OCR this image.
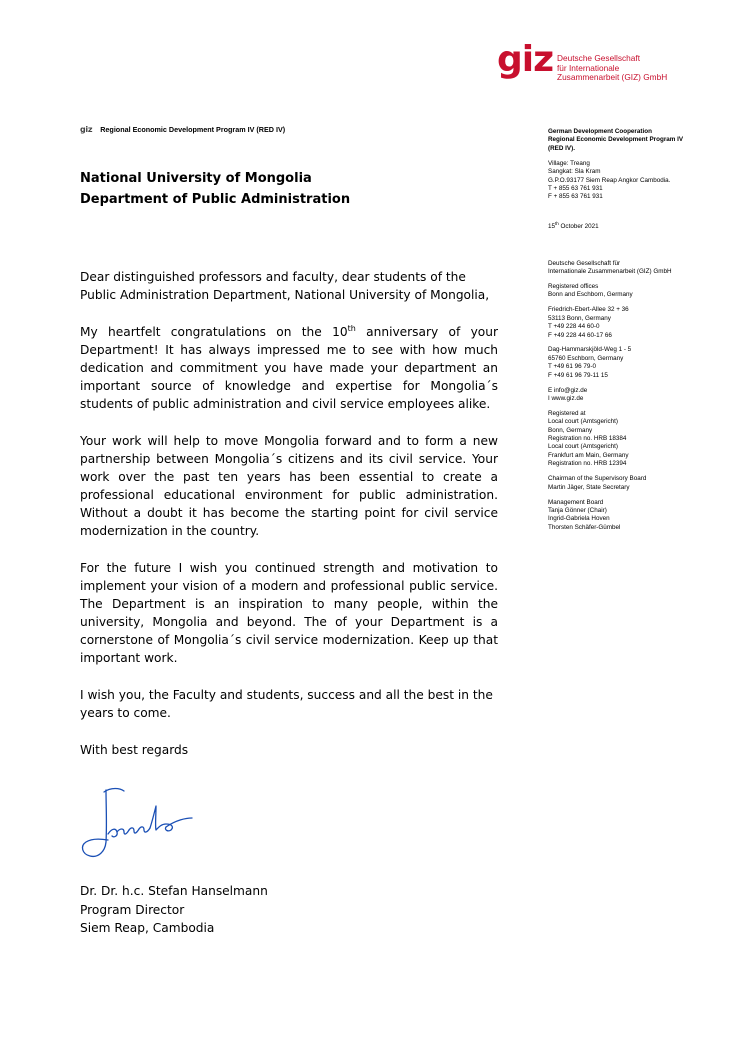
giz Deutsche Gesellschaft
für Internationale
Zusammenarbeit (GIZ) GmbH
giz Regional Economic Development Program IV (RED IV)
National University of Mongolia
Department of Public Administration

Dear distinguished professors and faculty, dear students of the Public Administration Department, National University of Mongolia,

My heartfelt congratulations on the 10th anniversary of your Department! It has always impressed me to see with how much dedication and commitment you have made your department an important source of knowledge and expertise for Mongolia´s students of public administration and civil service employees alike.

Your work will help to move Mongolia forward and to form a new partnership between Mongolia´s citizens and its civil service. Your work over the past ten years has been essential to create a professional educational environment for public administration. Without a doubt it has become the starting point for civil service modernization in the country.

For the future I wish you continued strength and motivation to implement your vision of a modern and professional public service. The Department is an inspiration to many people, within the university, Mongolia and beyond. The of your Department is a cornerstone of Mongolia´s civil service modernization. Keep up that important work.

I wish you, the Faculty and students, success and all the best in the years to come.

With best regards

Dr. Dr. h.c. Stefan Hanselmann
Program Director
Siem Reap, Cambodia
German Development Cooperation
Regional Economic Development Program IV
(RED IV).
Village: Treang
Sangkat: Sla Kram
G.P.O.93177 Siem Reap Angkor Cambodia.
T + 855 63 761 931
F + 855 63 761 931
15th October 2021
Deutsche Gesellschaft für
Internationale Zusammenarbeit (GIZ) GmbH
Registered offices
Bonn and Eschborn, Germany
Friedrich-Ebert-Allee 32 + 36
53113 Bonn, Germany
T +49 228 44 60-0
F +49 228 44 60-17 66
Dag-Hammarskjöld-Weg 1 - 5
65760 Eschborn, Germany
T +49 61 96 79-0
F +49 61 96 79-11 15
E info@giz.de
I www.giz.de
Registered at
Local court (Amtsgericht)
Bonn, Germany
Registration no. HRB 18384
Local court (Amtsgericht)
Frankfurt am Main, Germany
Registration no. HRB 12394
Chairman of the Supervisory Board
Martin Jäger, State Secretary
Management Board
Tanja Gönner (Chair)
Ingrid-Gabriela Hoven
Thorsten Schäfer-Gümbel
